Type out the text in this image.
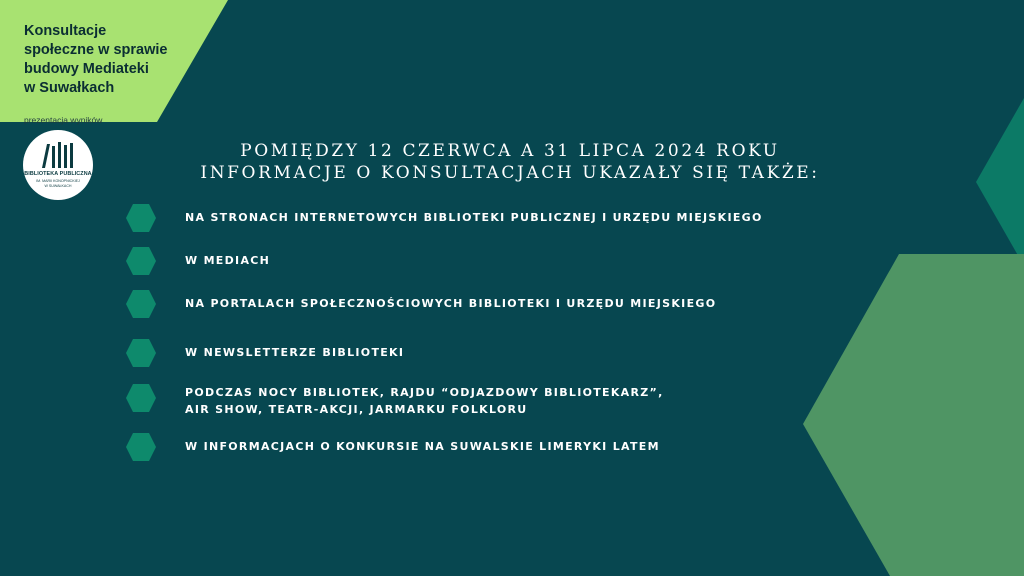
Konsultacje
społeczne w sprawie
budowy Mediateki
w Suwałkach
prezentacja wyników
BIBLIOTEKA PUBLICZNA
IM. MARII KONOPNICKIEJ
W SUWAŁKACH
POMIĘDZY 12 CZERWCA A 31 LIPCA 2024 ROKU
INFORMACJE O KONSULTACJACH UKAZAŁY SIĘ TAKŻE:
NA STRONACH INTERNETOWYCH BIBLIOTEKI PUBLICZNEJ I URZĘDU MIEJSKIEGO
W MEDIACH
NA PORTALACH SPOŁECZNOŚCIOWYCH BIBLIOTEKI I URZĘDU MIEJSKIEGO
W NEWSLETTERZE BIBLIOTEKI
PODCZAS NOCY BIBLIOTEK, RAJDU “ODJAZDOWY BIBLIOTEKARZ”,
AIR SHOW, TEATR-AKCJI, JARMARKU FOLKLORU
W INFORMACJACH O KONKURSIE NA SUWALSKIE LIMERYKI LATEM
